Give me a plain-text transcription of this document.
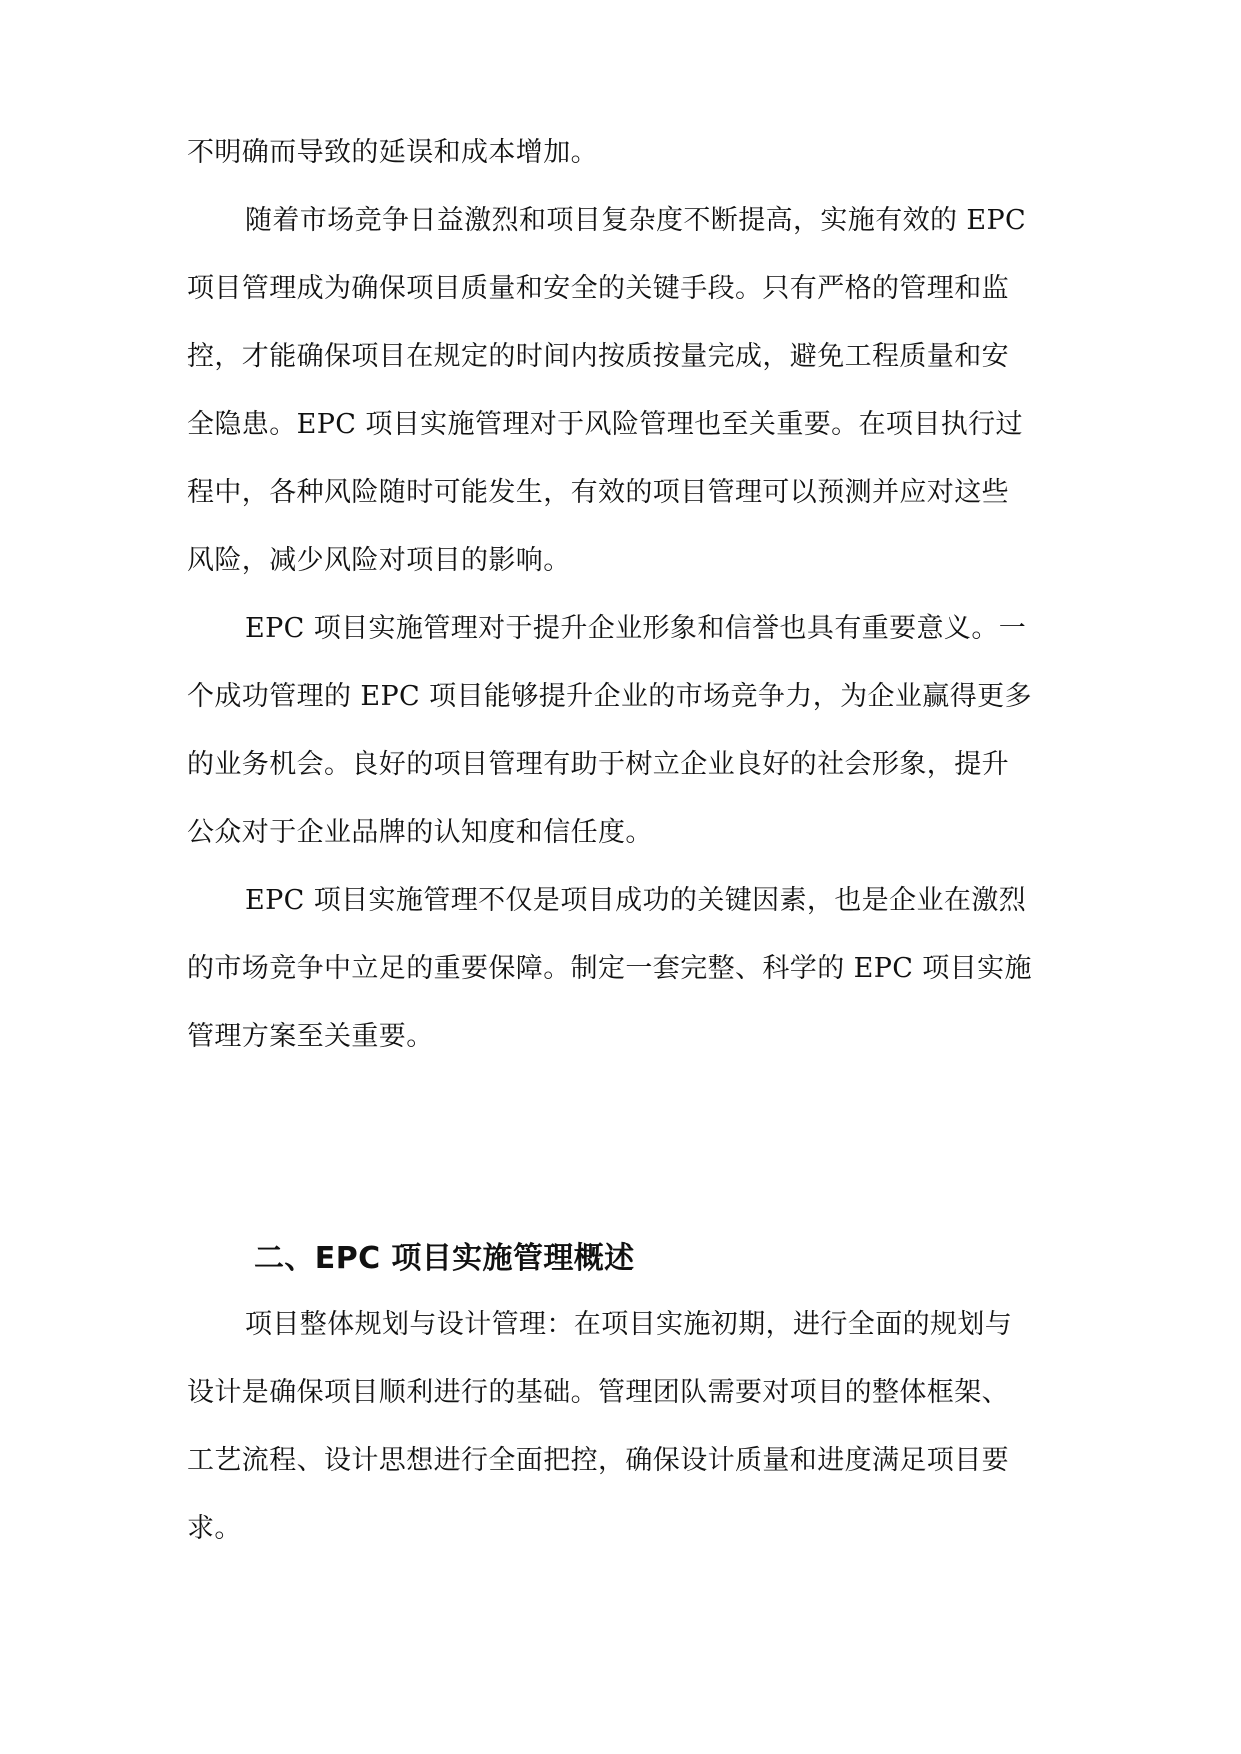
不明确而导致的延误和成本增加。
随着市场竞争日益激烈和项目复杂度不断提高，实施有效的 EPC
项目管理成为确保项目质量和安全的关键手段。只有严格的管理和监
控，才能确保项目在规定的时间内按质按量完成，避免工程质量和安
全隐患。EPC 项目实施管理对于风险管理也至关重要。在项目执行过
程中，各种风险随时可能发生，有效的项目管理可以预测并应对这些
风险，减少风险对项目的影响。
EPC 项目实施管理对于提升企业形象和信誉也具有重要意义。一
个成功管理的 EPC 项目能够提升企业的市场竞争力，为企业赢得更多
的业务机会。良好的项目管理有助于树立企业良好的社会形象，提升
公众对于企业品牌的认知度和信任度。
EPC 项目实施管理不仅是项目成功的关键因素，也是企业在激烈
的市场竞争中立足的重要保障。制定一套完整、科学的 EPC 项目实施
管理方案至关重要。
二、EPC 项目实施管理概述
项目整体规划与设计管理：在项目实施初期，进行全面的规划与
设计是确保项目顺利进行的基础。管理团队需要对项目的整体框架、
工艺流程、设计思想进行全面把控，确保设计质量和进度满足项目要
求。
